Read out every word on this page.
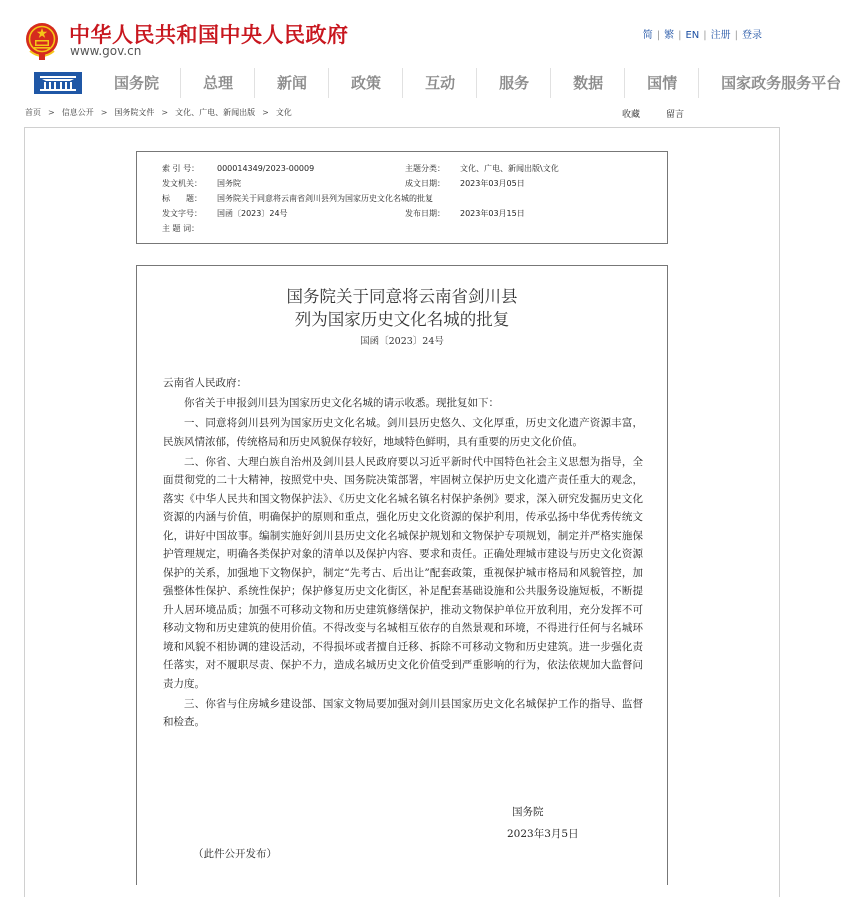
中华人民共和国中央人民政府
www.gov.cn
简 | 繁 | EN | 注册 | 登录
国务院	总理	新闻	政策	互动	服务	数据	国情	国家政务服务平台
首页 > 信息公开 > 国务院文件 > 文化、广电、新闻出版 > 文化	收藏	留言
索 引 号： 000014349/2023-00009	主题分类： 文化、广电、新闻出版\文化
发文机关： 国务院	成文日期： 2023年03月05日
标　　题： 国务院关于同意将云南省剑川县列为国家历史文化名城的批复
发文字号： 国函〔2023〕24号	发布日期： 2023年03月15日
主 题 词：
国务院关于同意将云南省剑川县
列为国家历史文化名城的批复
国函〔2023〕24号

云南省人民政府：

你省关于申报剑川县为国家历史文化名城的请示收悉。现批复如下：

一、同意将剑川县列为国家历史文化名城。剑川县历史悠久、文化厚重，历史文化遗产资源丰富，民族风情浓郁，传统格局和历史风貌保存较好，地域特色鲜明，具有重要的历史文化价值。

二、你省、大理白族自治州及剑川县人民政府要以习近平新时代中国特色社会主义思想为指导，全面贯彻党的二十大精神，按照党中央、国务院决策部署，牢固树立保护历史文化遗产责任重大的观念，落实《中华人民共和国文物保护法》、《历史文化名城名镇名村保护条例》要求，深入研究发掘历史文化资源的内涵与价值，明确保护的原则和重点，强化历史文化资源的保护利用，传承弘扬中华优秀传统文化，讲好中国故事。编制实施好剑川县历史文化名城保护规划和文物保护专项规划，制定并严格实施保护管理规定，明确各类保护对象的清单以及保护内容、要求和责任。正确处理城市建设与历史文化资源保护的关系，加强地下文物保护，制定“先考古、后出让”配套政策，重视保护城市格局和风貌管控，加强整体性保护、系统性保护；保护修复历史文化街区，补足配套基础设施和公共服务设施短板，不断提升人居环境品质；加强不可移动文物和历史建筑修缮保护，推动文物保护单位开放利用，充分发挥不可移动文物和历史建筑的使用价值。不得改变与名城相互依存的自然景观和环境，不得进行任何与名城环境和风貌不相协调的建设活动，不得损坏或者擅自迁移、拆除不可移动文物和历史建筑。进一步强化责任落实，对不履职尽责、保护不力，造成名城历史文化价值受到严重影响的行为，依法依规加大监督问责力度。

三、你省与住房城乡建设部、国家文物局要加强对剑川县国家历史文化名城保护工作的指导、监督和检查。

国务院
2023年3月5日
（此件公开发布）
